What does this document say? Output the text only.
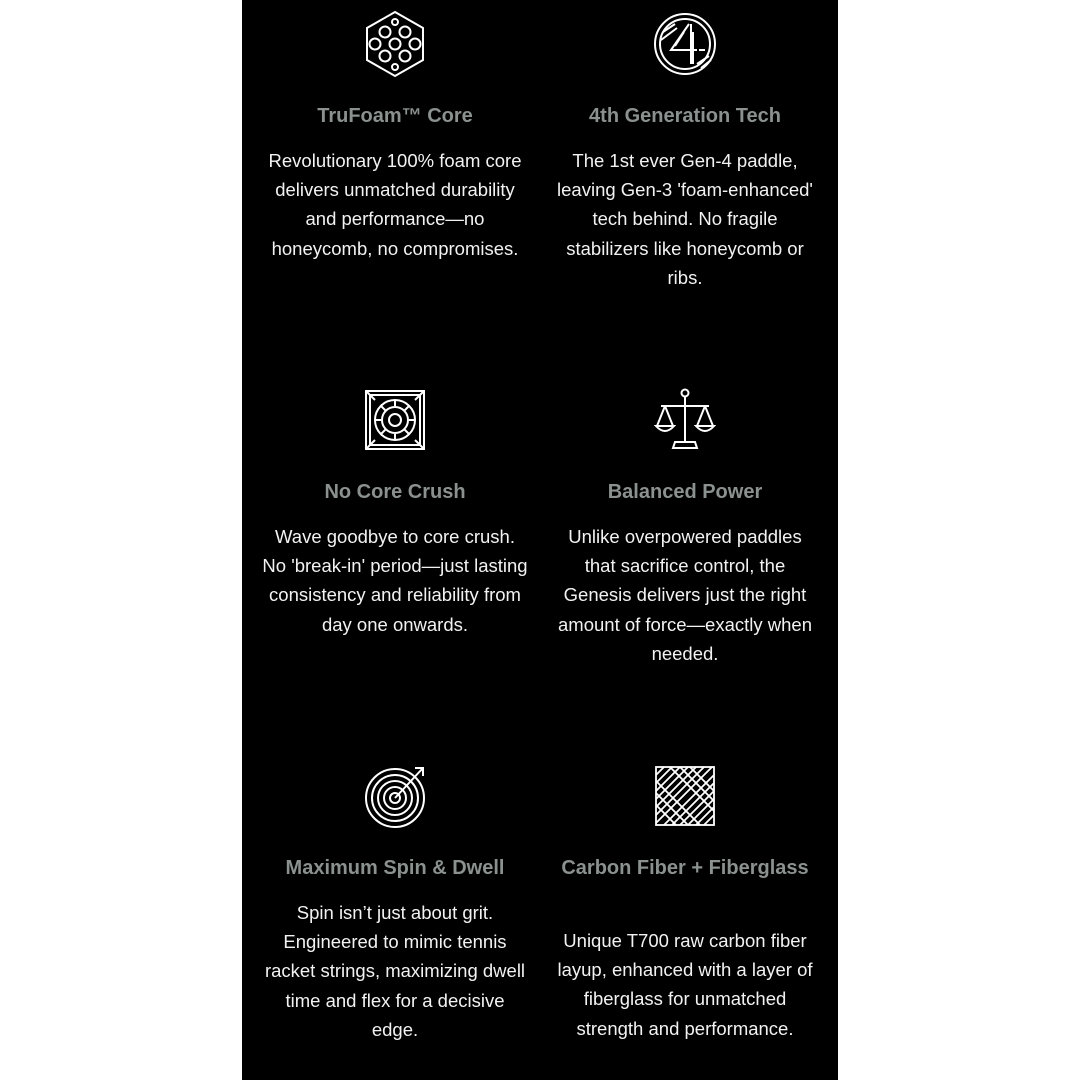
TruFoam™ Core
Revolutionary 100% foam core delivers unmatched durability and performance—no honeycomb, no compromises.
4th Generation Tech
The 1st ever Gen-4 paddle, leaving Gen-3 'foam-enhanced' tech behind. No fragile stabilizers like honeycomb or ribs.
No Core Crush
Wave goodbye to core crush. No 'break-in' period—just lasting consistency and reliability from day one onwards.
Balanced Power
Unlike overpowered paddles that sacrifice control, the Genesis delivers just the right amount of force—exactly when needed.
Maximum Spin & Dwell
Spin isn’t just about grit. Engineered to mimic tennis racket strings, maximizing dwell time and flex for a decisive edge.
Carbon Fiber + Fiberglass
Unique T700 raw carbon fiber layup, enhanced with a layer of fiberglass for unmatched strength and performance.
